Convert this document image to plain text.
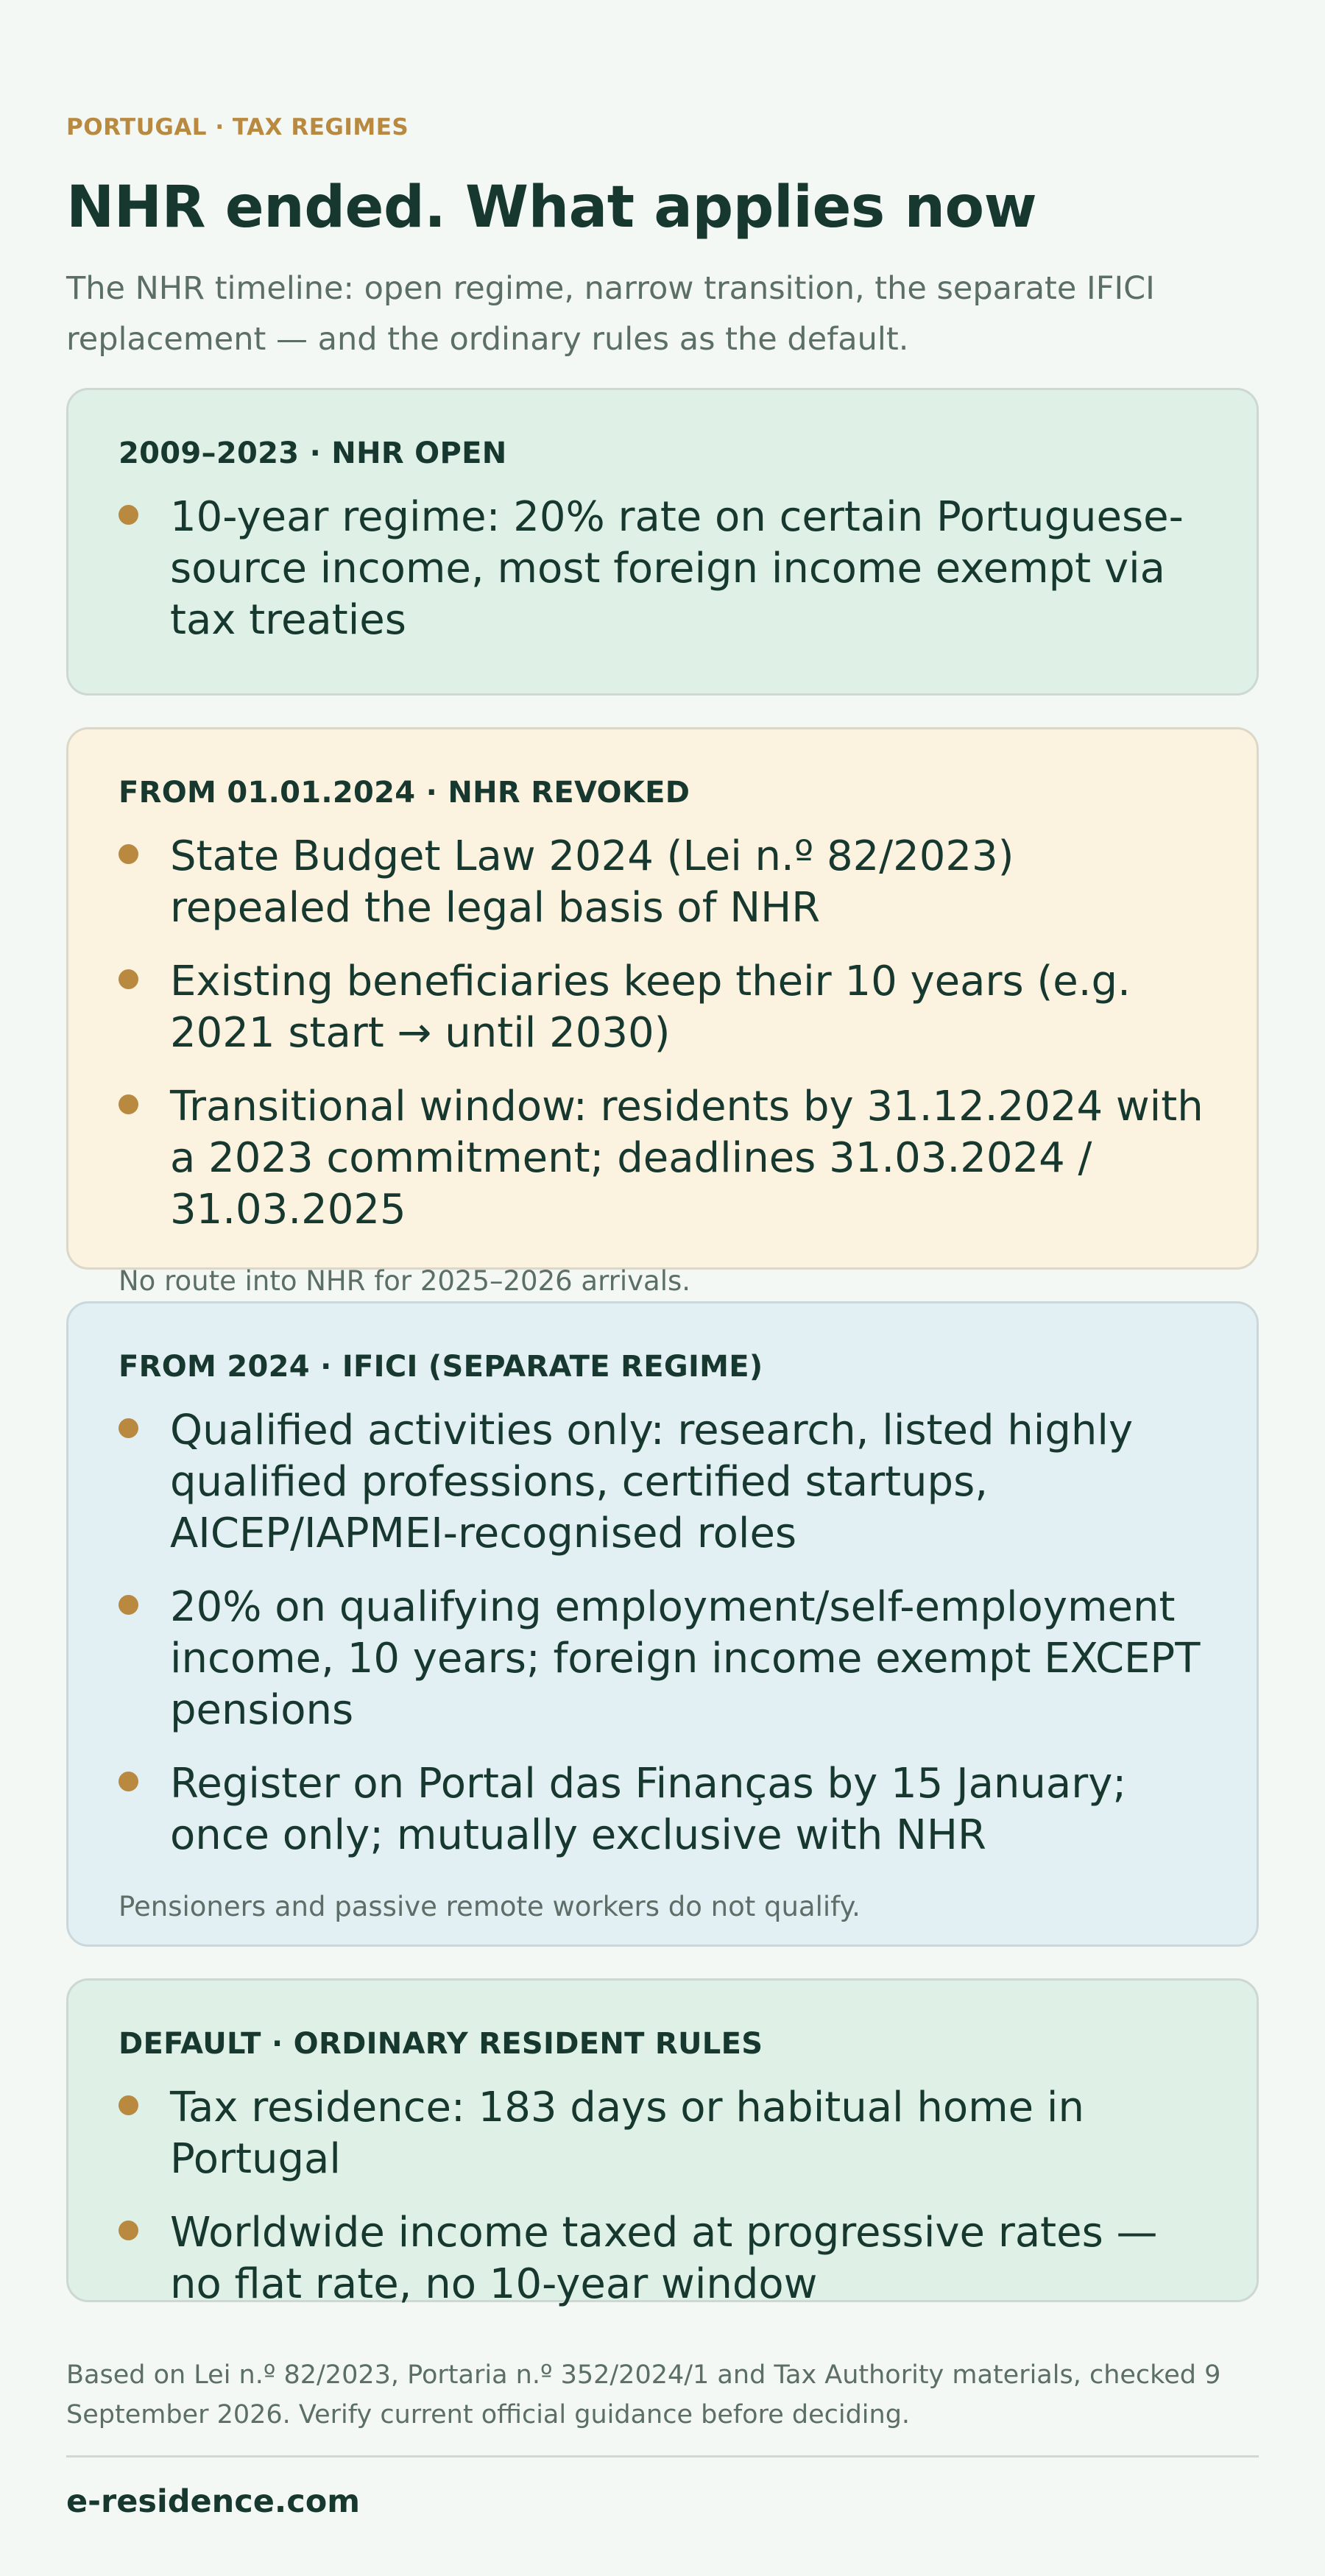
PORTUGAL · TAX REGIMES
NHR ended. What applies now

The NHR timeline: open regime, narrow transition, the separate IFICI replacement — and the ordinary rules as the default.

2009–2023 · NHR OPEN
10-year regime: 20% rate on certain Portuguese-source income, most foreign income exempt via tax treaties
FROM 01.01.2024 · NHR REVOKED
State Budget Law 2024 (Lei n.º 82/2023) repealed the legal basis of NHR
Existing beneficiaries keep their 10 years (e.g. 2021 start → until 2030)
Transitional window: residents by 31.12.2024 with a 2023 commitment; deadlines 31.03.2024 / 31.03.2025
No route into NHR for 2025–2026 arrivals.
FROM 2024 · IFICI (SEPARATE REGIME)
Qualified activities only: research, listed highly qualified professions, certified startups, AICEP/IAPMEI-recognised roles
20% on qualifying employment/self-employment income, 10 years; foreign income exempt EXCEPT pensions
Register on Portal das Finanças by 15 January; once only; mutually exclusive with NHR
Pensioners and passive remote workers do not qualify.
DEFAULT · ORDINARY RESIDENT RULES
Tax residence: 183 days or habitual home in Portugal
Worldwide income taxed at progressive rates — no flat rate, no 10-year window

Based on Lei n.º 82/2023, Portaria n.º 352/2024/1 and Tax Authority materials, checked 9 September 2026. Verify current official guidance before deciding.

e-residence.com
